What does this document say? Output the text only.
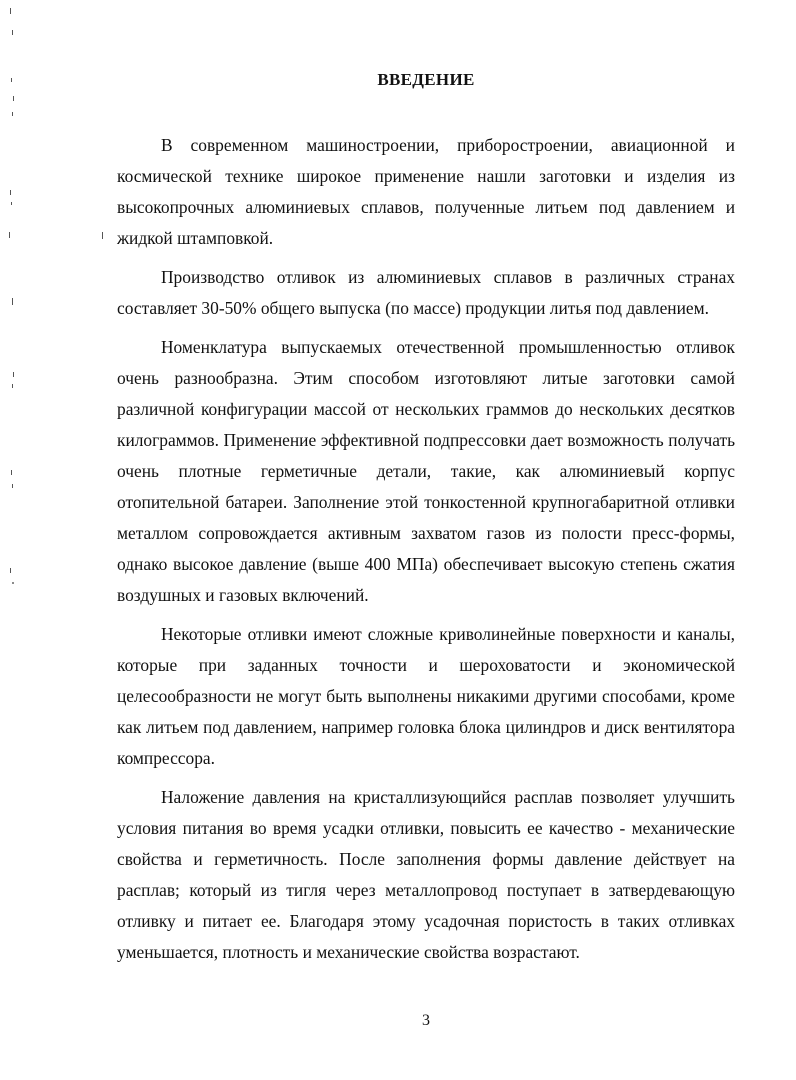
ВВЕДЕНИЕ

В современном машиностроении, приборостроении, авиационной и космической технике широкое применение нашли заготовки и изделия из высокопрочных алюминиевых сплавов, полученные литьем под давлением и жидкой штамповкой.

Производство отливок из алюминиевых сплавов в различных странах составляет 30-50% общего выпуска (по массе) продукции литья под давлением.

Номенклатура выпускаемых отечественной промышленностью отливок очень разнообразна. Этим способом изготовляют литые заготовки самой различной конфигурации массой от нескольких граммов до нескольких десятков килограммов. Применение эффективной подпрессовки дает возможность получать очень плотные герметичные детали, такие, как алюминиевый корпус отопительной батареи. Заполнение этой тонкостенной крупногабаритной отливки металлом сопровождается активным захватом газов из полости пресс-формы, однако высокое давление (выше 400 МПа) обеспечивает высокую степень сжатия воздушных и газовых включений.

Некоторые отливки имеют сложные криволинейные поверхности и каналы, которые при заданных точности и шероховатости и экономической целесообразности не могут быть выполнены никакими другими способами, кроме как литьем под давлением, например головка блока цилиндров и диск вентилятора компрессора.

Наложение давления на кристаллизующийся расплав позволяет улучшить условия питания во время усадки отливки, повысить ее качество - механические свойства и герметичность. После заполнения формы давление действует на расплав; который из тигля через металлопровод поступает в затвердевающую отливку и питает ее. Благодаря этому усадочная пористость в таких отливках уменьшается, плотность и механические свойства возрастают.

3
